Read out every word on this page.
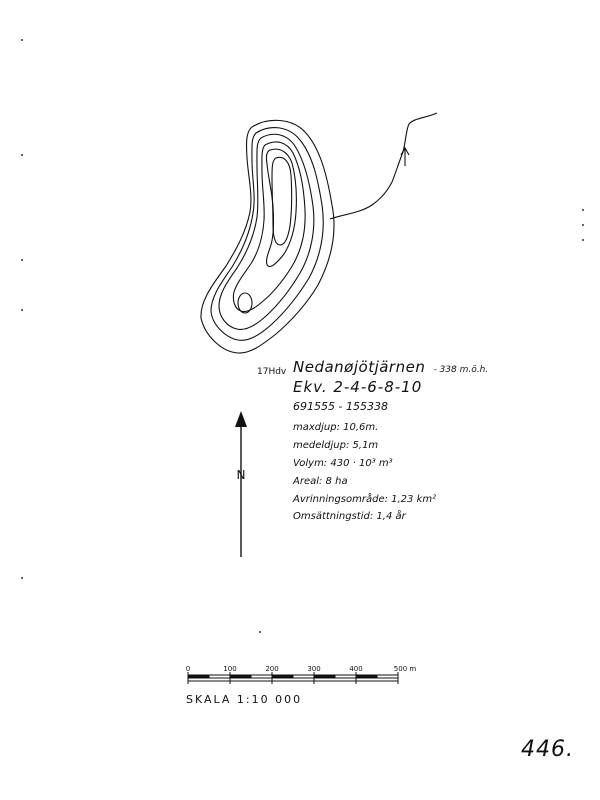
N
0	100	200	300	400	500 m
SKALA 1:10 000
17Hdv Nedanøjötjärnen - 338 m.ö.h.
Ekv. 2-4-6-8-10
691555 - 155338
maxdjup: 10,6m.
medeldjup: 5,1m
Volym: 430 · 10³ m³
Areal: 8 ha
Avrinningsområde: 1,23 km²
Omsättningstid: 1,4 år
446.
